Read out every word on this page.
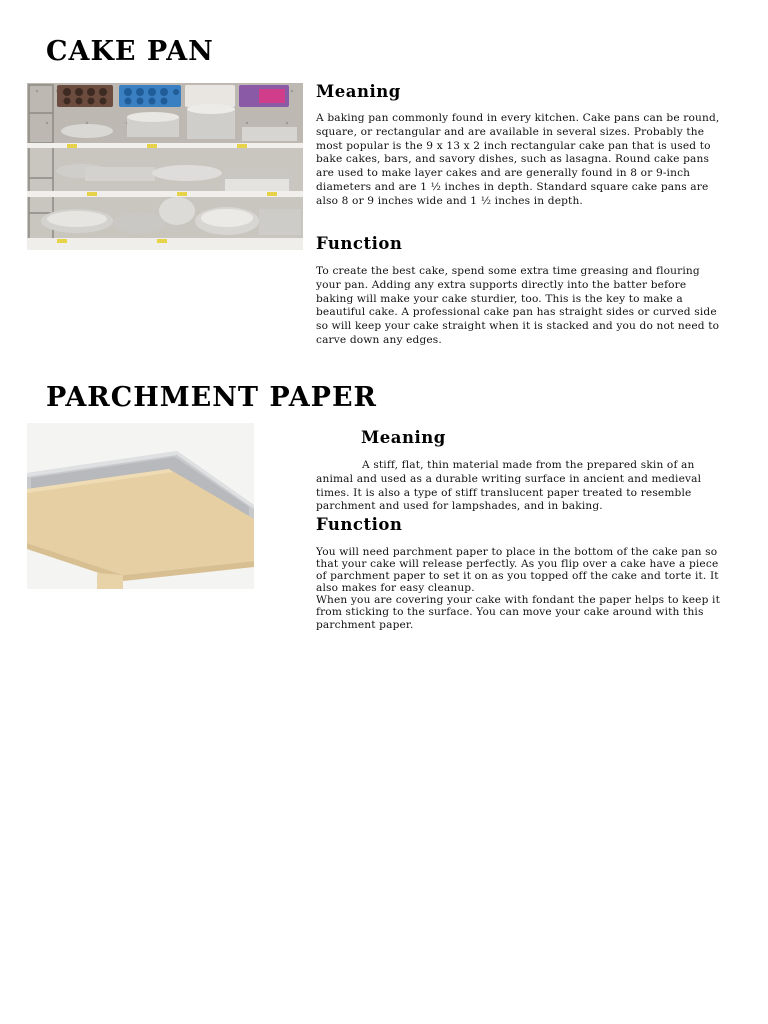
CAKE PAN
Meaning

A baking pan commonly found in every kitchen. Cake pans can be round, square, or rectangular and are available in several sizes. Probably the most popular is the 9 x 13 x 2 inch rectangular cake pan that is used to bake cakes, bars, and savory dishes, such as lasagna. Round cake pans are used to make layer cakes and are generally found in 8 or 9-inch diameters and are 1 ½ inches in depth. Standard square cake pans are also 8 or 9 inches wide and 1 ½ inches in depth.

Function

To create the best cake, spend some extra time greasing and flouring your pan. Adding any extra supports directly into the batter before baking will make your cake sturdier, too. This is the key to make a beautiful cake. A professional cake pan has straight sides or curved side so will keep your cake straight when it is stacked and you do not need to carve down any edges.

PARCHMENT PAPER
Meaning

A stiff, flat, thin material made from the prepared skin of an animal and used as a durable writing surface in ancient and medieval times. It is also a type of stiff translucent paper treated to resemble parchment and used for lampshades, and in baking.

Function

You will need parchment paper to place in the bottom of the cake pan so that your cake will release perfectly. As you flip over a cake have a piece of parchment paper to set it on as you topped off the cake and torte it. It also makes for easy cleanup.
When you are covering your cake with fondant the paper helps to keep it from sticking to the surface. You can move your cake around with this parchment paper.
